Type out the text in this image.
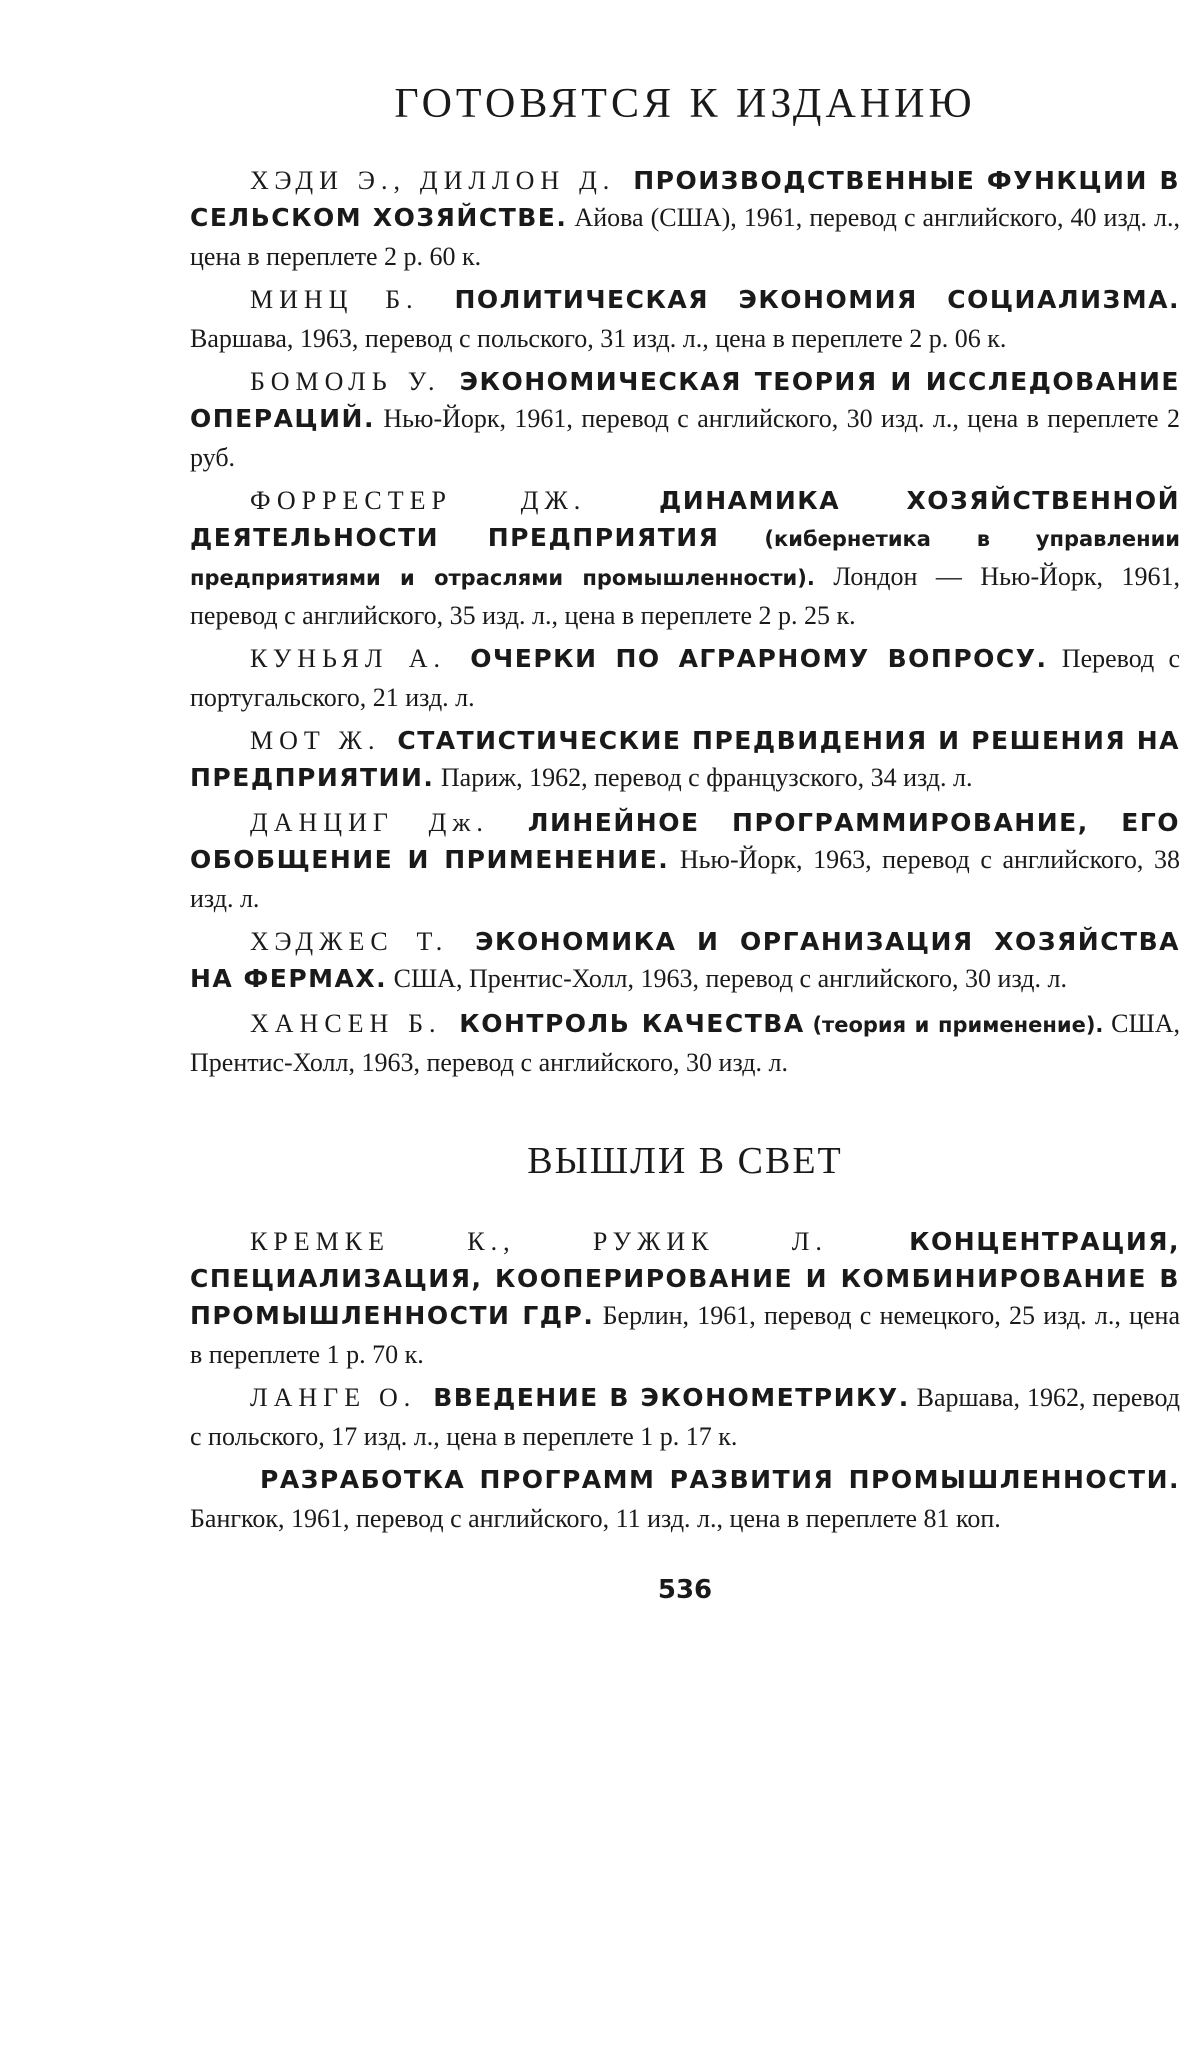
ГОТОВЯТСЯ К ИЗДАНИЮ

ХЭДИ Э., ДИЛЛОН Д. ПРОИЗВОДСТВЕННЫЕ ФУНКЦИИ В СЕЛЬСКОМ ХОЗЯЙСТВЕ. Айова (США), 1961, перевод с английского, 40 изд. л., цена в переплете 2 р. 60 к.

МИНЦ Б. ПОЛИТИЧЕСКАЯ ЭКОНОМИЯ СОЦИАЛИЗМА. Варшава, 1963, перевод с польского, 31 изд. л., цена в переплете 2 р. 06 к.

БОМОЛЬ У. ЭКОНОМИЧЕСКАЯ ТЕОРИЯ И ИССЛЕДОВАНИЕ ОПЕРАЦИЙ. Нью-Йорк, 1961, перевод с английского, 30 изд. л., цена в переплете 2 руб.

ФОРРЕСТЕР ДЖ.	ДИНАМИКА ХОЗЯЙСТВЕННОЙ ДЕЯТЕЛЬНОСТИ ПРЕДПРИЯТИЯ (кибернетика в управлении предприятиями и отраслями промышленности). Лондон — Нью-Йорк, 1961, перевод с английского, 35 изд. л., цена в переплете 2 р. 25 к.

КУНЬЯЛ А. ОЧЕРКИ ПО АГРАРНОМУ ВОПРОСУ. Перевод с португальского, 21 изд. л.

МОТ Ж. СТАТИСТИЧЕСКИЕ ПРЕДВИДЕНИЯ И РЕШЕНИЯ НА ПРЕДПРИЯТИИ. Париж, 1962, перевод с французского, 34 изд. л.

ДАНЦИГ Дж. ЛИНЕЙНОЕ ПРОГРАММИРОВАНИЕ, ЕГО ОБОБЩЕНИЕ И ПРИМЕНЕНИЕ. Нью-Йорк, 1963, перевод с английского, 38 изд. л.

ХЭДЖЕС Т. ЭКОНОМИКА И ОРГАНИЗАЦИЯ ХОЗЯЙСТВА НА ФЕРМАХ. США, Прентис-Холл, 1963, перевод с английского, 30 изд. л.

ХАНСЕН Б. КОНТРОЛЬ КАЧЕСТВА (теория и применение). США, Прентис-Холл, 1963, перевод с английского, 30 изд. л.

ВЫШЛИ В СВЕТ

КРЕМКЕ К., РУЖИК Л.	КОНЦЕНТРАЦИЯ, СПЕЦИАЛИЗАЦИЯ, КООПЕРИРОВАНИЕ И КОМБИНИРОВАНИЕ В ПРОМЫШЛЕННОСТИ ГДР. Берлин, 1961, перевод с немецкого, 25 изд. л., цена в переплете 1 р. 70 к.

ЛАНГЕ О. ВВЕДЕНИЕ В ЭКОНОМЕТРИКУ. Варшава, 1962, перевод с польского, 17 изд. л., цена в переплете 1 р. 17 к.

РАЗРАБОТКА ПРОГРАММ РАЗВИТИЯ ПРОМЫШЛЕННОСТИ. Бангкок, 1961, перевод с английского, 11 изд. л., цена в переплете 81 коп.

536
